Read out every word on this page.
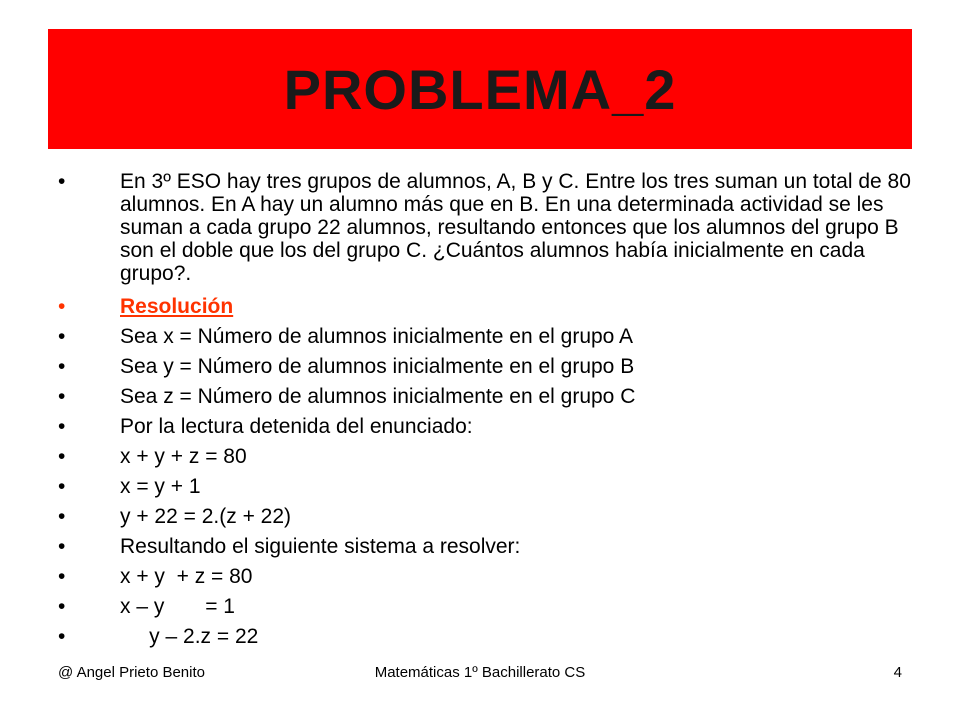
PROBLEMA_2
•	En 3º ESO hay tres grupos de alumnos, A, B y C. Entre los tres suman un total de 80 alumnos. En A hay un alumno más que en B. En una determinada actividad se les suman a cada grupo 22 alumnos, resultando entonces que los alumnos del grupo B son el doble que los del grupo C. ¿Cuántos alumnos había inicialmente en cada grupo?.
•	Resolución
•	Sea x = Número de alumnos inicialmente en el grupo A
•	Sea y = Número de alumnos inicialmente en el grupo B
•	Sea z = Número de alumnos inicialmente en el grupo C
•	Por la lectura detenida del enunciado:
•	x + y + z = 80
•	x = y + 1
•	y + 22 = 2.(z + 22)
•	Resultando el siguiente sistema a resolver:
•	x + y  + z = 80
•	x – y       = 1
•	y – 2.z = 22
@ Angel Prieto Benito	Matemáticas 1º Bachillerato CS	4
